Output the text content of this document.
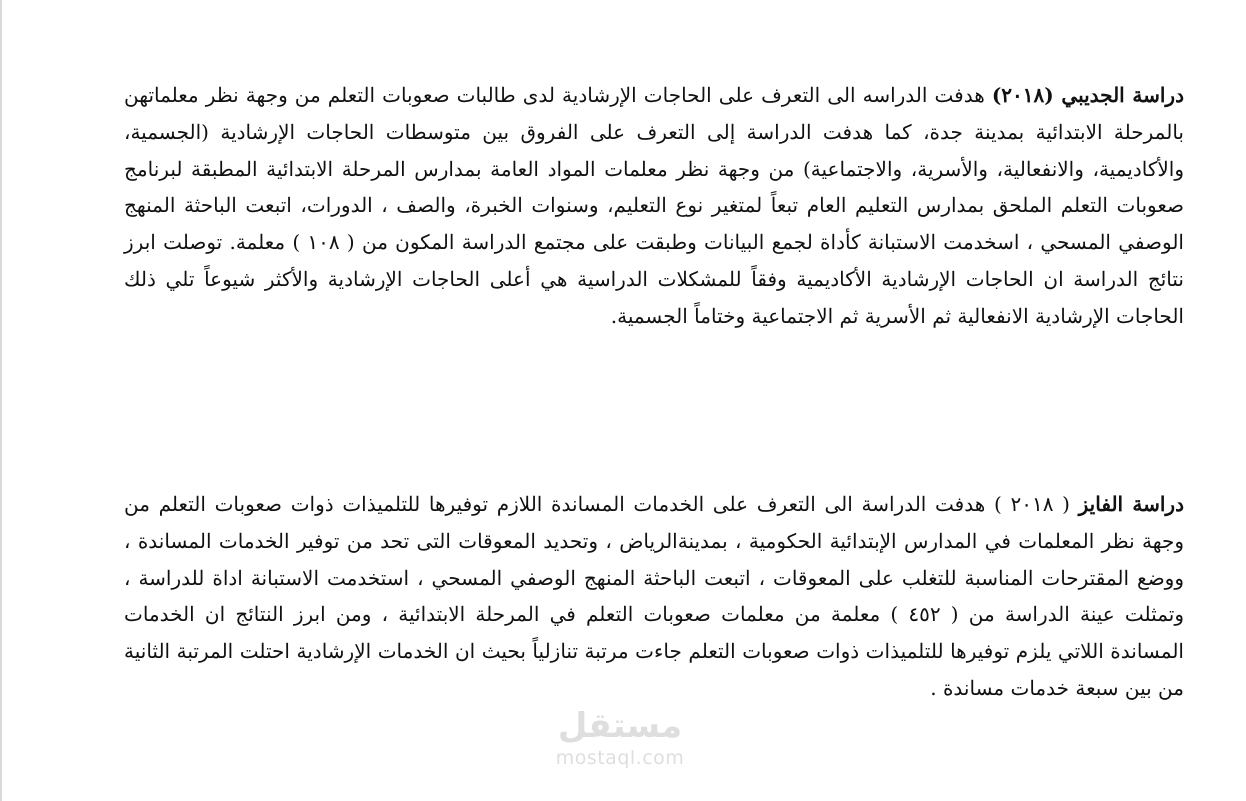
دراسة الجديبي (٢٠١٨) هدفت الدراسه الى التعرف على الحاجات الإرشادية لدى طالبات صعوبات التعلم من وجهة نظر معلماتهن بالمرحلة الابتدائية بمدينة جدة، كما هدفت الدراسة إلى التعرف على الفروق بين متوسطات الحاجات الإرشادية (الجسمية، والأكاديمية، والانفعالية، والأسرية، والاجتماعية) من وجهة نظر معلمات المواد العامة بمدارس المرحلة الابتدائية المطبقة لبرنامج صعوبات التعلم الملحق بمدارس التعليم العام تبعاً لمتغير نوع التعليم، وسنوات الخبرة، والصف ، الدورات، اتبعت الباحثة المنهج الوصفي المسحي ، اسخدمت الاستبانة كأداة لجمع البيانات وطبقت على مجتمع الدراسة المكون من ( ١٠٨ ) معلمة. توصلت ابرز نتائج الدراسة ان الحاجات الإرشادية الأكاديمية وفقاً للمشكلات الدراسية هي أعلى الحاجات الإرشادية والأكثر شيوعاً تلي ذلك الحاجات الإرشادية الانفعالية ثم الأسرية ثم الاجتماعية وختاماً الجسمية.

دراسة الفايز ( ٢٠١٨ ) هدفت الدراسة الى التعرف على الخدمات المساندة اللازم توفيرها للتلميذات ذوات صعوبات التعلم من وجهة نظر المعلمات في المدارس الإبتدائية الحكومية ، بمدينةالرياض ، وتحديد المعوقات التى تحد من توفير الخدمات المساندة ، ووضع المقترحات المناسبة للتغلب على المعوقات ، اتبعت الباحثة المنهج الوصفي المسحي ، استخدمت الاستبانة اداة للدراسة ، وتمثلت عينة الدراسة من ( ٤٥٢ ) معلمة من معلمات صعوبات التعلم في المرحلة الابتدائية ، ومن ابرز النتائج ان الخدمات المساندة اللاتي يلزم توفيرها للتلميذات ذوات صعوبات التعلم جاءت مرتبة تنازلياً بحيث ان الخدمات الإرشادية احتلت المرتبة الثانية من بين سبعة خدمات مساندة .

مستقل
mostaql.com
